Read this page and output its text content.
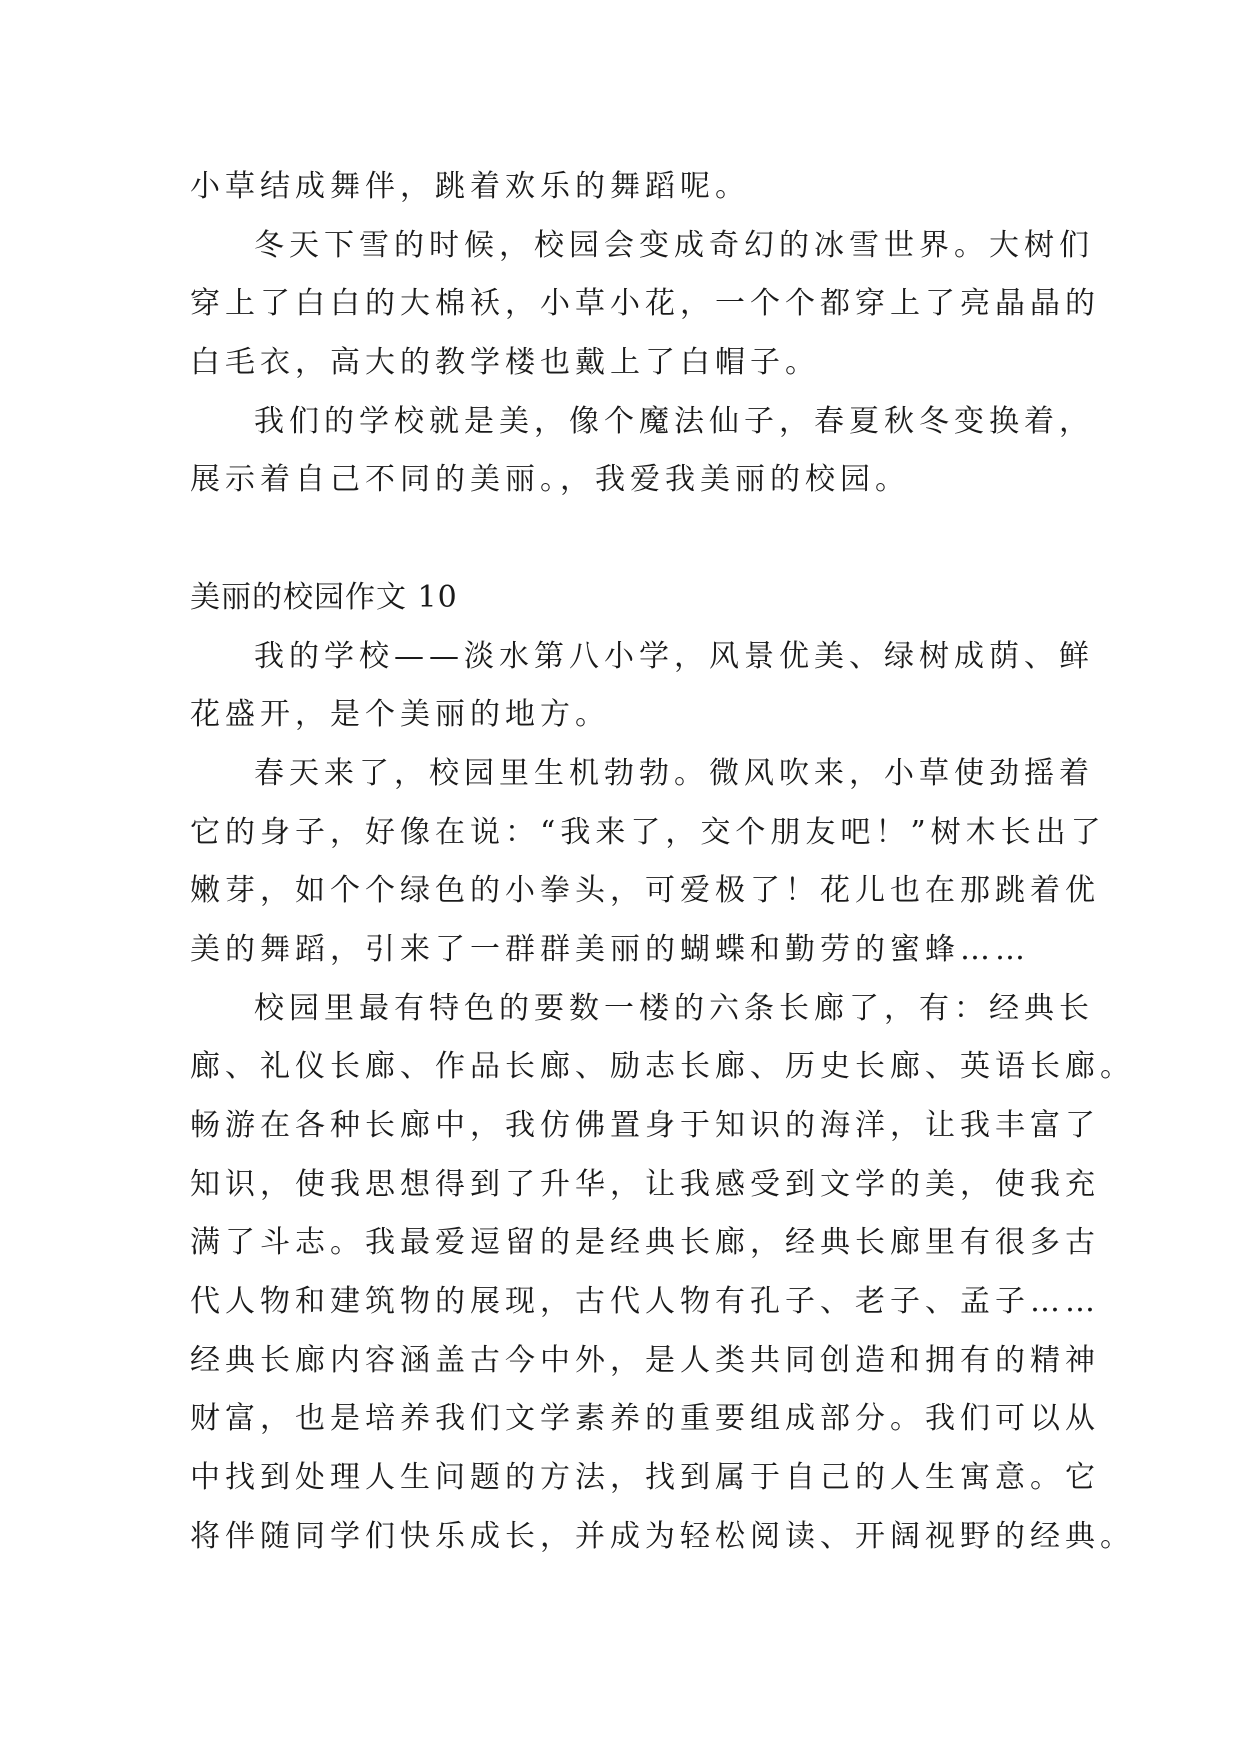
小草结成舞伴，跳着欢乐的舞蹈呢。
冬天下雪的时候，校园会变成奇幻的冰雪世界。大树们
穿上了白白的大棉袄，小草小花，一个个都穿上了亮晶晶的
白毛衣，高大的教学楼也戴上了白帽子。
我们的学校就是美，像个魔法仙子，春夏秋冬变换着，
展示着自己不同的美丽。，我爱我美丽的校园。
美丽的校园作文 10
我的学校——淡水第八小学，风景优美、绿树成荫、鲜
花盛开，是个美丽的地方。
春天来了，校园里生机勃勃。微风吹来，小草使劲摇着
它的身子，好像在说：“我来了，交个朋友吧！”树木长出了
嫩芽，如个个绿色的小拳头，可爱极了！花儿也在那跳着优
美的舞蹈，引来了一群群美丽的蝴蝶和勤劳的蜜蜂……
校园里最有特色的要数一楼的六条长廊了，有：经典长
廊、礼仪长廊、作品长廊、励志长廊、历史长廊、英语长廊。
畅游在各种长廊中，我仿佛置身于知识的海洋，让我丰富了
知识，使我思想得到了升华，让我感受到文学的美，使我充
满了斗志。我最爱逗留的是经典长廊，经典长廊里有很多古
代人物和建筑物的展现，古代人物有孔子、老子、孟子……
经典长廊内容涵盖古今中外，是人类共同创造和拥有的精神
财富，也是培养我们文学素养的重要组成部分。我们可以从
中找到处理人生问题的方法，找到属于自己的人生寓意。它
将伴随同学们快乐成长，并成为轻松阅读、开阔视野的经典。
